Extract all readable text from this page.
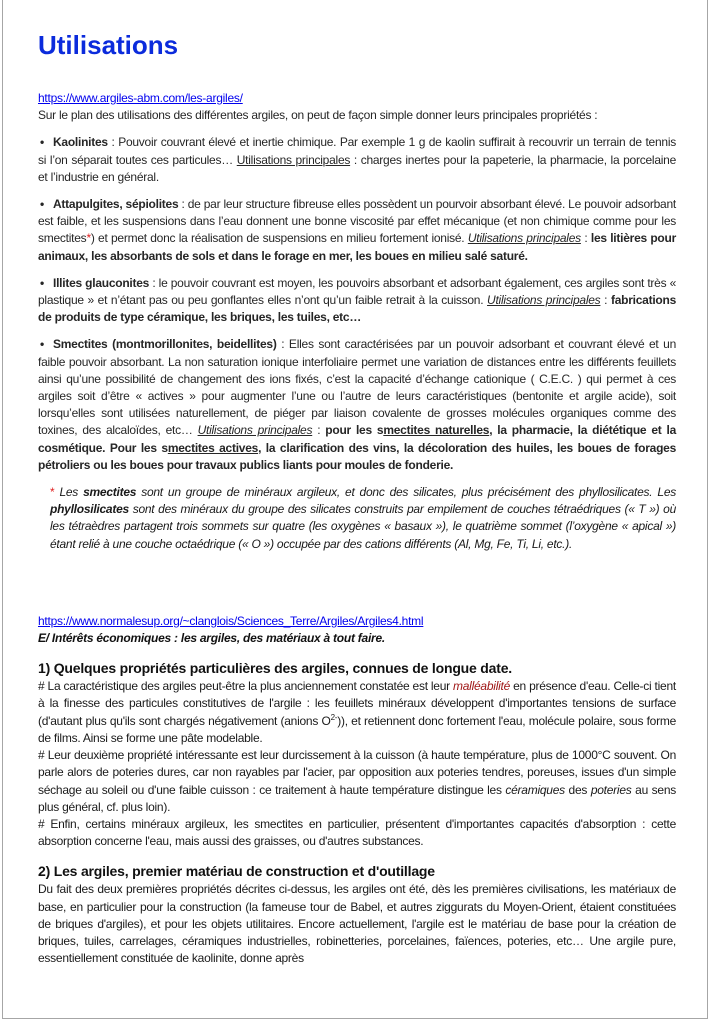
Utilisations
https://www.argiles-abm.com/les-argiles/

Sur le plan des utilisations des différentes argiles, on peut de façon simple donner leurs principales propriétés :

• Kaolinites : Pouvoir couvrant élevé et inertie chimique. Par exemple 1 g de kaolin suffirait à recouvrir un terrain de tennis si l’on séparait toutes ces particules… Utilisations principales : charges inertes pour la papeterie, la pharmacie, la porcelaine et l’industrie en général.

• Attapulgites, sépiolites : de par leur structure fibreuse elles possèdent un pourvoir absorbant élevé. Le pouvoir adsorbant est faible, et les suspensions dans l’eau donnent une bonne viscosité par effet mécanique (et non chimique comme pour les smectites*) et permet donc la réalisation de suspensions en milieu fortement ionisé. Utilisations principales : les litières pour animaux, les absorbants de sols et dans le forage en mer, les boues en milieu salé saturé.

• Illites glauconites : le pouvoir couvrant est moyen, les pouvoirs absorbant et adsorbant également, ces argiles sont très « plastique » et n’étant pas ou peu gonflantes elles n’ont qu’un faible retrait à la cuisson. Utilisations principales : fabrications de produits de type céramique, les briques, les tuiles, etc…

• Smectites (montmorillonites, beidellites) : Elles sont caractérisées par un pouvoir adsorbant et couvrant élevé et un faible pouvoir absorbant. La non saturation ionique interfoliaire permet une variation de distances entre les différents feuillets ainsi qu’une possibilité de changement des ions fixés, c’est la capacité d’échange cationique ( C.E.C. ) qui permet à ces argiles soit d’être « actives » pour augmenter l’une ou l’autre de leurs caractéristiques (bentonite et argile acide), soit lorsqu’elles sont utilisées naturellement, de piéger par liaison covalente de grosses molécules organiques comme des toxines, des alcaloïdes, etc… Utilisations principales : pour les smectites naturelles, la pharmacie, la diététique et la cosmétique. Pour les smectites actives, la clarification des vins, la décoloration des huiles, les boues de forages pétroliers ou les boues pour travaux publics liants pour moules de fonderie.

* Les smectites sont un groupe de minéraux argileux, et donc des silicates, plus précisément des phyllosilicates. Les phyllosilicates sont des minéraux du groupe des silicates construits par empilement de couches tétraédriques (« T ») où les tétraèdres partagent trois sommets sur quatre (les oxygènes « basaux »), le quatrième sommet (l’oxygène « apical ») étant relié à une couche octaédrique (« O ») occupée par des cations différents (Al, Mg, Fe, Ti, Li, etc.).

https://www.normalesup.org/~clanglois/Sciences_Terre/Argiles/Argiles4.html

E/ Intérêts économiques : les argiles, des matériaux à tout faire.

1) Quelques propriétés particulières des argiles, connues de longue date.

# La caractéristique des argiles peut-être la plus anciennement constatée est leur malléabilité en présence d'eau. Celle-ci tient à la finesse des particules constitutives de l'argile : les feuillets minéraux développent d'importantes tensions de surface (d'autant plus qu'ils sont chargés négativement (anions $O^{2-}$)), et retiennent donc fortement l'eau, molécule polaire, sous forme de films. Ainsi se forme une pâte modelable.

# Leur deuxième propriété intéressante est leur durcissement à la cuisson (à haute température, plus de 1000°C souvent. On parle alors de poteries dures, car non rayables par l'acier, par opposition aux poteries tendres, poreuses, issues d'un simple séchage au soleil ou d'une faible cuisson : ce traitement à haute température distingue les céramiques des poteries au sens plus général, cf. plus loin).

# Enfin, certains minéraux argileux, les smectites en particulier, présentent d'importantes capacités d'absorption : cette absorption concerne l'eau, mais aussi des graisses, ou d'autres substances.

2) Les argiles, premier matériau de construction et d'outillage

Du fait des deux premières propriétés décrites ci-dessus, les argiles ont été, dès les premières civilisations, les matériaux de base, en particulier pour la construction (la fameuse tour de Babel, et autres ziggurats du Moyen-Orient, étaient constituées de briques d'argiles), et pour les objets utilitaires. Encore actuellement, l'argile est le matériau de base pour la création de briques, tuiles, carrelages, céramiques industrielles, robinetteries, porcelaines, faïences, poteries, etc… Une argile pure, essentiellement constituée de kaolinite, donne après
